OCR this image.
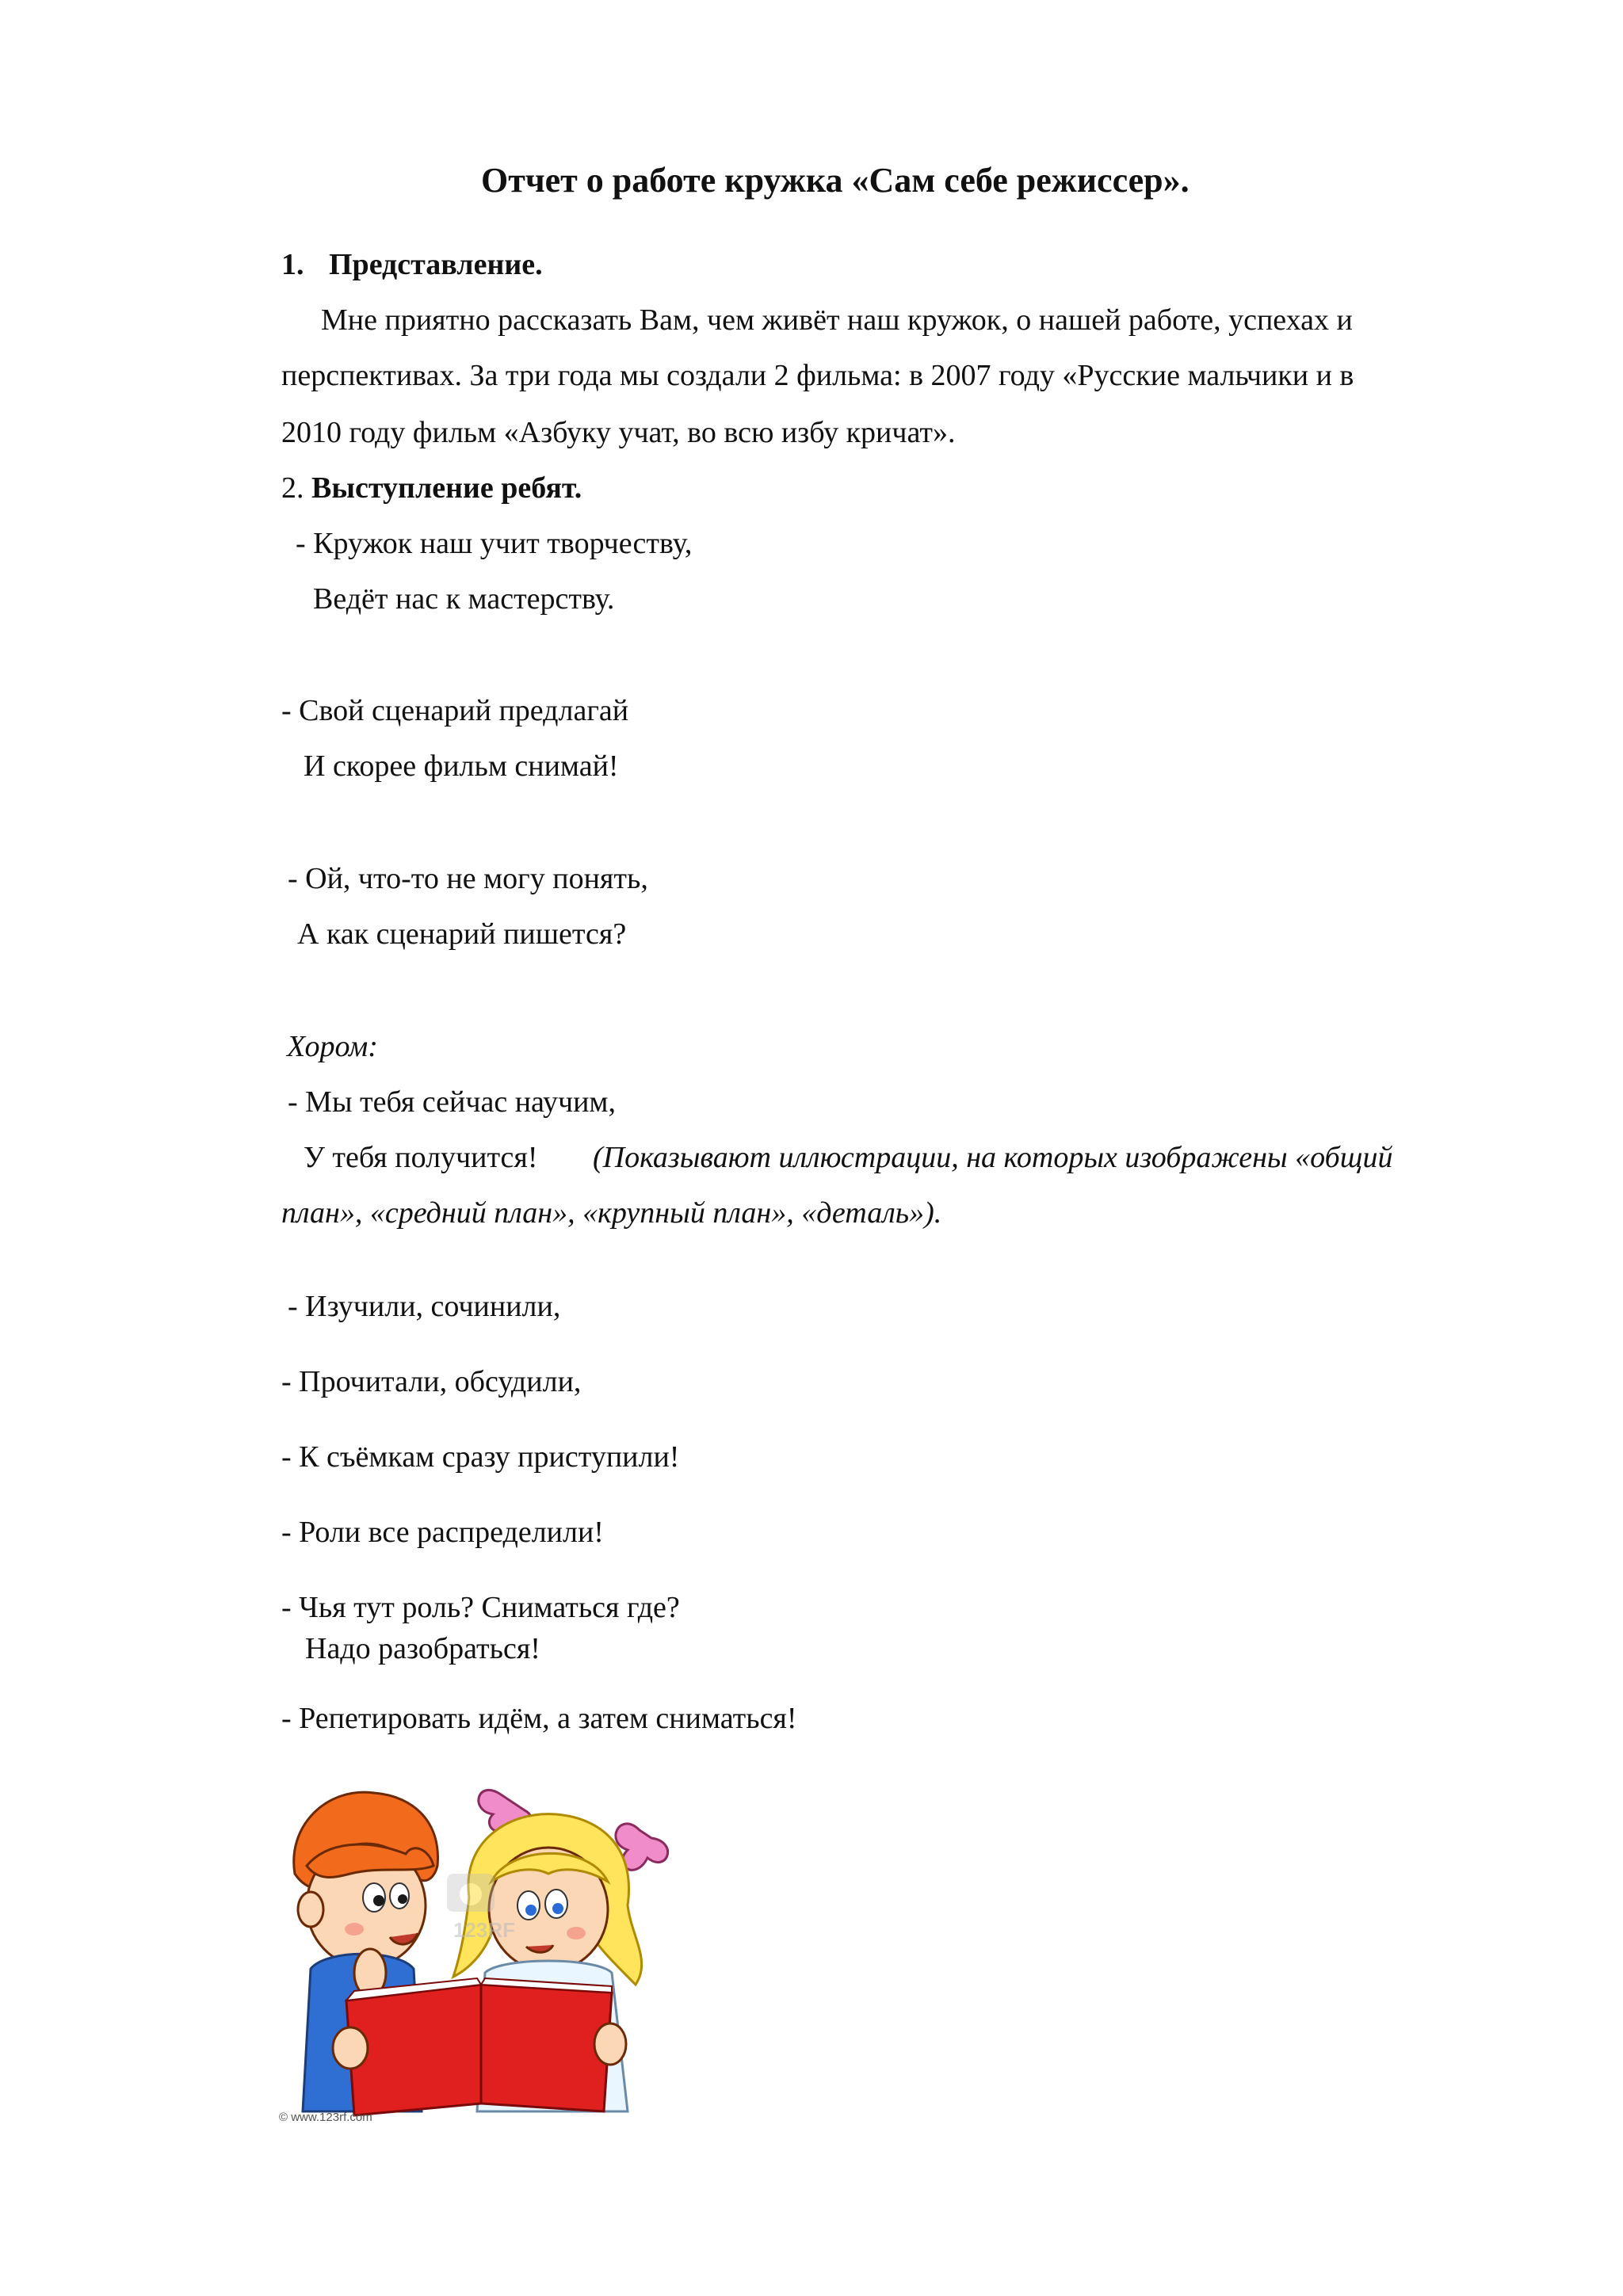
Отчет о работе кружка «Сам себе режиссер».
1. Представление.
Мне приятно рассказать Вам, чем живёт наш кружок, о нашей работе, успехах и
перспективах. За три года мы создали 2 фильма: в 2007 году «Русские мальчики и в
2010 году фильм «Азбуку учат, во всю избу кричат».
2. Выступление ребят.
- Кружок наш учит творчеству,
Ведёт нас к мастерству.
- Свой сценарий предлагай
И скорее фильм снимай!
- Ой, что-то не могу понять,
А как сценарий пишется?
Хором:
- Мы тебя сейчас научим,
У тебя получится! (Показывают иллюстрации, на которых изображены «общий
план», «средний план», «крупный план», «деталь»).
- Изучили, сочинили,
- Прочитали, обсудили,
- К съёмкам сразу приступили!
- Роли все распределили!
- Чья тут роль? Сниматься где?
Надо разобраться!
- Репетировать идём, а затем сниматься!
123RF
© www.123rf.com
